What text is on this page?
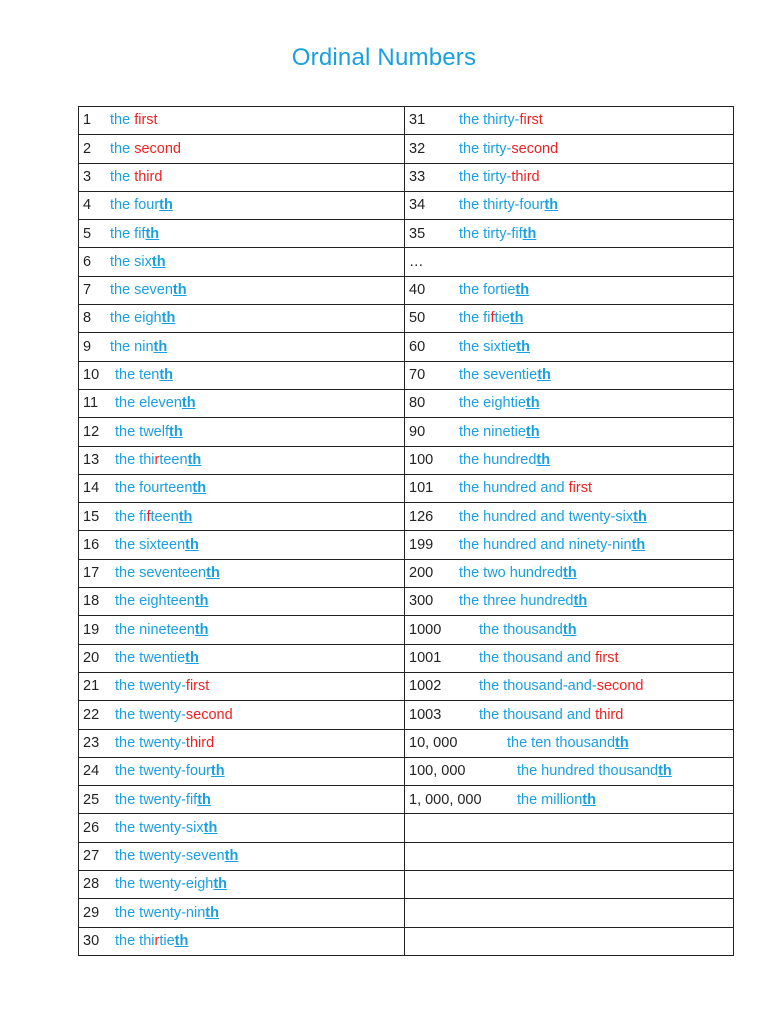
Ordinal Numbers
1 the first	31 the thirty-first
2 the second	32 the tirty-second
3 the third	33 the tirty-third
4 the fourth	34 the thirty-fourth
5 the fifth	35 the tirty-fifth
6 the sixth	…
7 the seventh	40 the fortieth
8 the eighth	50 the fiftieth
9 the ninth	60 the sixtieth
10 the tenth	70 the seventieth
11 the eleventh	80 the eightieth
12 the twelfth	90 the ninetieth
13 the thirteenth	100 the hundredth
14 the fourteenth	101 the hundred and first
15 the fifteenth	126 the hundred and twenty-sixth
16 the sixteenth	199 the hundred and ninety-ninth
17 the seventeenth	200 the two hundredth
18 the eighteenth	300 the three hundredth
19 the nineteenth	1000 the thousandth
20 the twentieth	1001 the thousand and first
21 the twenty-first	1002 the thousand-and-second
22 the twenty-second	1003 the thousand and third
23 the twenty-third	10, 000 the ten thousandth
24 the twenty-fourth	100, 000 the hundred thousandth
25 the twenty-fifth	1, 000, 000 the millionth
26 the twenty-sixth	
27 the twenty-seventh	
28 the twenty-eighth	
29 the twenty-ninth	
30 the thirtieth	
